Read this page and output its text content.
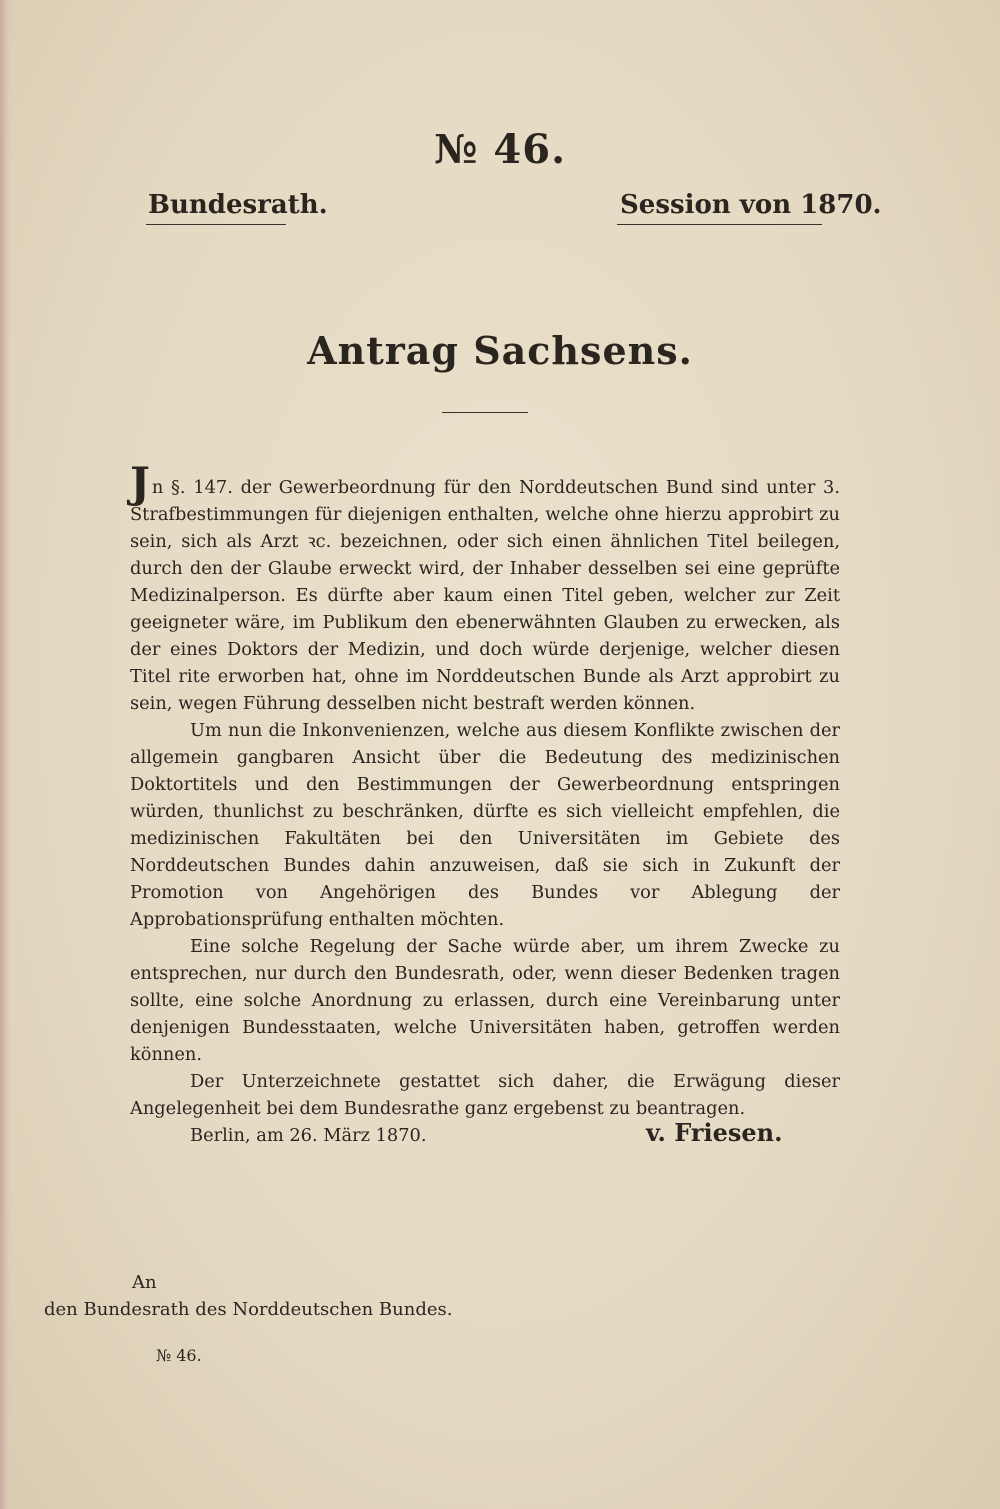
№ 46.
Bundesrath.	Session von 1870.
Antrag Sachsens.

Jn §. 147. der Gewerbeordnung für den Norddeutschen Bund sind unter 3. Strafbestimmungen für diejenigen enthalten, welche ohne hierzu approbirt zu sein, sich als Arzt ꝛc. bezeichnen, oder sich einen ähnlichen Titel beilegen, durch den der Glaube erweckt wird, der Inhaber desselben sei eine geprüfte Medizinalperson. Es dürfte aber kaum einen Titel geben, welcher zur Zeit geeigneter wäre, im Publikum den ebenerwähnten Glauben zu erwecken, als der eines Doktors der Medizin, und doch würde derjenige, welcher diesen Titel rite erworben hat, ohne im Norddeutschen Bunde als Arzt approbirt zu sein, wegen Führung desselben nicht bestraft werden können.

Um nun die Inkonvenienzen, welche aus diesem Konflikte zwischen der allgemein gangbaren Ansicht über die Bedeutung des medizinischen Doktortitels und den Bestimmungen der Gewerbeordnung entspringen würden, thunlichst zu beschränken, dürfte es sich vielleicht empfehlen, die medizinischen Fakultäten bei den Universitäten im Gebiete des Norddeutschen Bundes dahin anzuweisen, daß sie sich in Zukunft der Promotion von Angehörigen des Bundes vor Ablegung der Approbationsprüfung enthalten möchten.

Eine solche Regelung der Sache würde aber, um ihrem Zwecke zu entsprechen, nur durch den Bundesrath, oder, wenn dieser Bedenken tragen sollte, eine solche Anordnung zu erlassen, durch eine Vereinbarung unter denjenigen Bundesstaaten, welche Universitäten haben, getroffen werden können.

Der Unterzeichnete gestattet sich daher, die Erwägung dieser Angelegenheit bei dem Bundesrathe ganz ergebenst zu beantragen.

Berlin, am 26. März 1870.	v. Friesen.
An
den Bundesrath des Norddeutschen Bundes.
№ 46.
